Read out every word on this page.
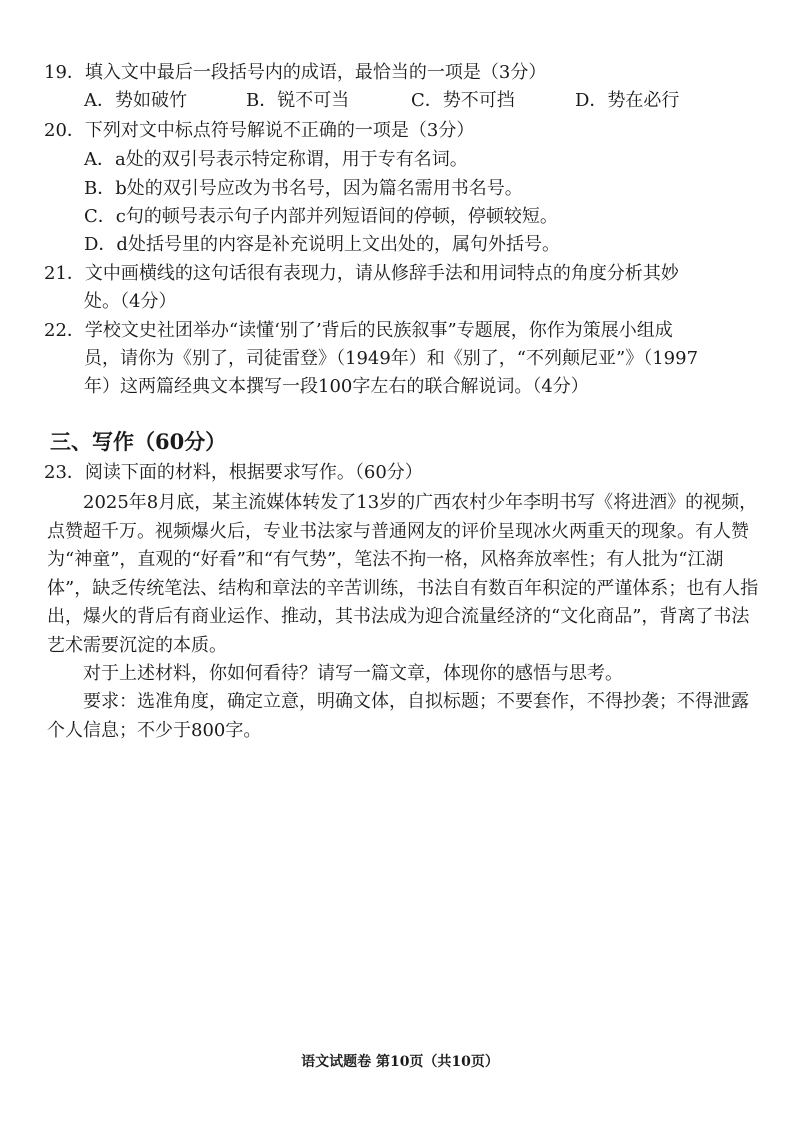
19．填入文中最后一段括号内的成语，最恰当的一项是（3分）
A．势如破竹	B．锐不可当	C．势不可挡	D．势在必行
20．下列对文中标点符号解说不正确的一项是（3分）
A．a处的双引号表示特定称谓，用于专有名词。
B．b处的双引号应改为书名号，因为篇名需用书名号。
C．c句的顿号表示句子内部并列短语间的停顿，停顿较短。
D．d处括号里的内容是补充说明上文出处的，属句外括号。
21．文中画横线的这句话很有表现力，请从修辞手法和用词特点的角度分析其妙
处。（4分）
22．学校文史社团举办“读懂‘别了’背后的民族叙事”专题展，你作为策展小组成
员，请你为《别了，司徒雷登》（1949年）和《别了，“不列颠尼亚”》（1997
年）这两篇经典文本撰写一段100字左右的联合解说词。（4分）
三、写作（60分）
23．阅读下面的材料，根据要求写作。（60分）
2025年8月底，某主流媒体转发了13岁的广西农村少年李明书写《将进酒》的视频，点赞超千万。视频爆火后，专业书法家与普通网友的评价呈现冰火两重天的现象。有人赞为“神童”，直观的“好看”和“有气势”，笔法不拘一格，风格奔放率性；有人批为“江湖体”，缺乏传统笔法、结构和章法的辛苦训练，书法自有数百年积淀的严谨体系；也有人指出，爆火的背后有商业运作、推动，其书法成为迎合流量经济的“文化商品”，背离了书法艺术需要沉淀的本质。
对于上述材料，你如何看待？请写一篇文章，体现你的感悟与思考。
要求：选准角度，确定立意，明确文体，自拟标题；不要套作，不得抄袭；不得泄露个人信息；不少于800字。
语文试题卷 第10页（共10页）
